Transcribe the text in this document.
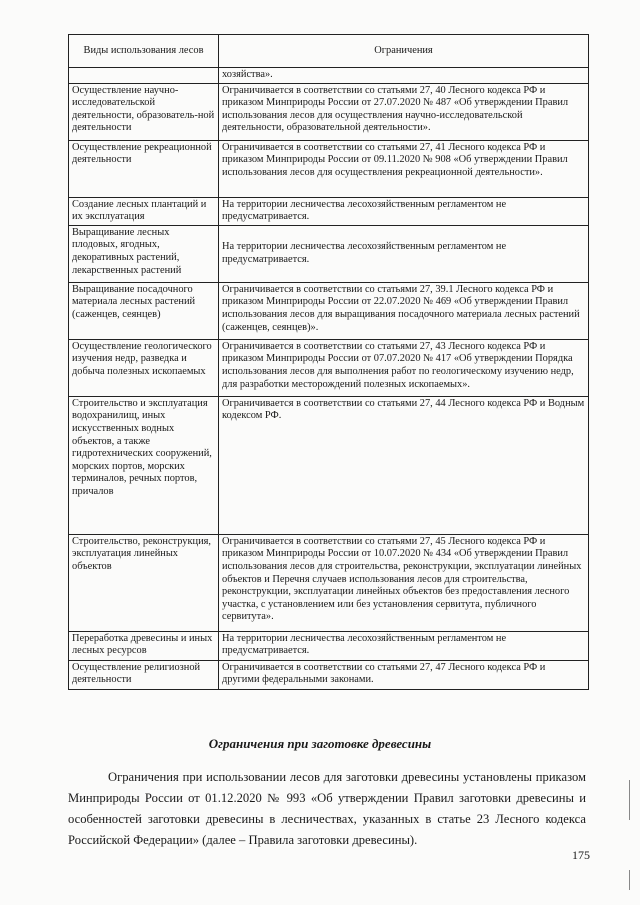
Виды использования лесов	Ограничения
	хозяйства».
Осуществление научно-исследовательской деятельности, образователь-ной деятельности	Ограничивается в соответствии со статьями 27, 40 Лесного кодекса РФ и приказом Минприроды России от 27.07.2020 № 487 «Об утверждении Правил использования лесов для осуществления научно-исследовательской деятельности, образовательной деятельности».
Осуществление рекреационной деятельности	Ограничивается в соответствии со статьями 27, 41 Лесного кодекса РФ и приказом Минприроды России от 09.11.2020 № 908 «Об утверждении Правил использования лесов для осуществления рекреационной деятельности».
Создание лесных плантаций и их эксплуатация	На территории лесничества лесохозяйственным регламентом не предусматривается.
Выращивание лесных плодовых, ягодных, декоративных растений, лекарственных растений	На территории лесничества лесохозяйственным регламентом не предусматривается.
Выращивание посадочного материала лесных растений (саженцев, сеянцев)	Ограничивается в соответствии со статьями 27, 39.1 Лесного кодекса РФ и приказом Минприроды России от 22.07.2020 № 469 «Об утверждении Правил использования лесов для выращивания посадочного материала лесных растений (саженцев, сеянцев)».
Осуществление геологического изучения недр, разведка и добыча полезных ископаемых	Ограничивается в соответствии со статьями 27, 43 Лесного кодекса РФ и приказом Минприроды России от 07.07.2020 № 417 «Об утверждении Порядка использования лесов для выполнения работ по геологическому изучению недр, для разработки месторождений полезных ископаемых».
Строительство и эксплуатация водохранилищ, иных искусственных водных объектов, а также гидротехнических сооружений, морских портов, морских терминалов, речных портов, причалов	Ограничивается в соответствии со статьями 27, 44 Лесного кодекса РФ и Водным кодексом РФ.
Строительство, реконструкция, эксплуатация линейных объектов	Ограничивается в соответствии со статьями 27, 45 Лесного кодекса РФ и приказом Минприроды России от 10.07.2020 № 434 «Об утверждении Правил использования лесов для строительства, реконструкции, эксплуатации линейных объектов и Перечня случаев использования лесов для строительства, реконструкции, эксплуатации линейных объектов без предоставления лесного участка, с установлением или без установления сервитута, публичного сервитута».
Переработка древесины и иных лесных ресурсов	На территории лесничества лесохозяйственным регламентом не предусматривается.
Осуществление религиозной деятельности	Ограничивается в соответствии со статьями 27, 47 Лесного кодекса РФ и другими федеральными законами.
Ограничения при заготовке древесины
Ограничения при использовании лесов для заготовки древесины установлены приказом Минприроды России от 01.12.2020 № 993 «Об утверждении Правил заготовки древесины и особенностей заготовки древесины в лесничествах, указанных в статье 23 Лесного кодекса Российской Федерации» (далее – Правила заготовки древесины).
175
